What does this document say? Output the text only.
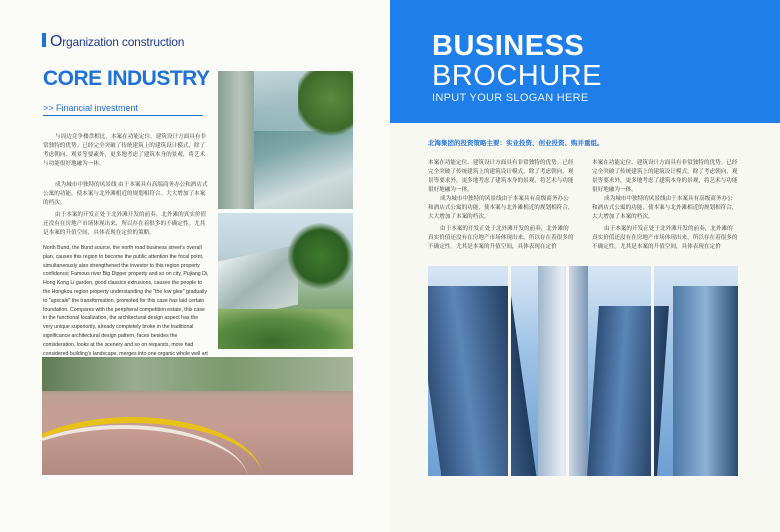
Organization construction
CORE INDUSTRY
>> Financial investment
与周边竞争楼盘相比，本案在功能定位、建筑设计方面具有非常独特的优势。已经完全突破了传统建筑上的建筑设计模式，除了考虑朝向、观景等要素外，更多地考虑了建筑本身的景观，将艺术与功能很好地融为一体。
成为城市中独特的风景线 由于本案具有高端商务办公和酒店式公寓的功能，使本案与北外滩相近的规划相符合。大大增加了本案的档次。
由于本案的开发正处于北外滩开发的前奏。北外滩的真实价值还没有在房地产市场体现出来，所以存在着很多的不确定性。尤其是本案的升值空间，具体表现在定价的策略。
North Bund, the Bund source, the north road business street's overall plan, causes this region to become the public attention the focal point, simultaneously also strengthened the investor to this region property confidence; Famous river Big Dipper property and so on city, Pujiang Di, Hong Kong Li garden, good classics extrusions, causes the people to the Hongkou region property understanding the "the low glee" gradually to "upscale" the transformation, promoted for this case has laid certain foundation. Compares with the peripheral competition estate, this case in the functional localization, the architectural design aspect has the very unique superiority, already completely broke in the traditional significance architectural design pattern, faces besides the consideration, looks at the scenery and so on requests, more had considered building's landscape, merges into one organic whole well art
BUSINESS
BROCHURE
INPUT YOUR SLOGAN HERE
北海集团的投资策略主要：实业投资、创业投资、购并重组。
本案在功能定位、建筑设计方面具有非常独特的优势。已经完全突破了传统建筑上的建筑设计模式，除了考虑朝向、观景等要求外，更多地考虑了建筑本身的景观，将艺术与功能很好地融为一体。
成为城市中独特的风景线由于本案具有高级商务办公和酒店式公寓的功能，使本案与北外滩相近的规划相符合，大大增加了本案的档次。
由于本案的开发正处于北外滩开发的前奏，北外滩的真实价值还没有在房地产市场体现出来，所以存在着很多的不确定性。尤其是本案的升值空间，具体表现在定价
本案在功能定位、建筑设计方面具有非常独特的优势。已经完全突破了传统建筑上的建筑设计模式，除了考虑朝向、观景等要求外，更多地考虑了建筑本身的景观，将艺术与功能很好地融为一体。
成为城市中独特的风景线由于本案具有高级商务办公和酒店式公寓的功能，使本案与北外滩相近的规划相符合，大大增加了本案的档次。
由于本案的开发正处于北外滩开发的前奏，北外滩的真实价值还没有在房地产市场体现出来，所以存在着很多的不确定性。尤其是本案的升值空间，具体表现在定价
